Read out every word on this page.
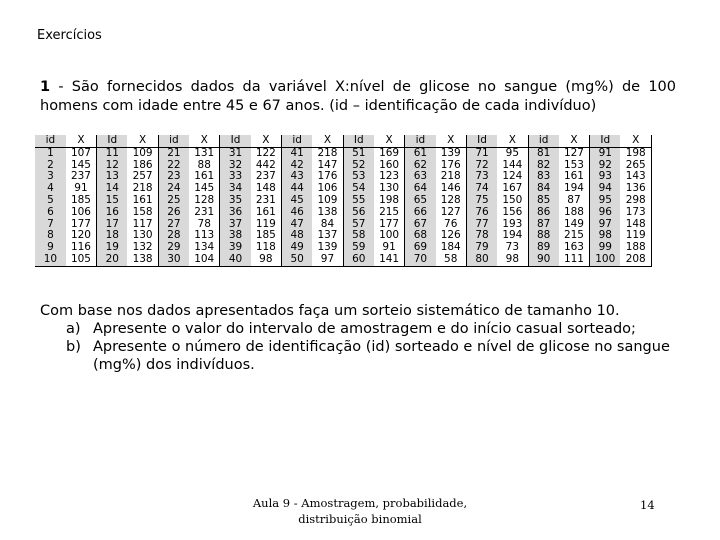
Exercícios
1 - São fornecidos dados da variável X:nível de glicose no sangue (mg%) de 100 homens com idade entre 45 e 67 anos. (id – identificação de cada indivíduo)
id	X	Id	X	id	X	Id	X	id	X	Id	X	id	X	Id	X	id	X	Id	X
1	107	11	109	21	131	31	122	41	218	51	169	61	139	71	95	81	127	91	198
2	145	12	186	22	88	32	442	42	147	52	160	62	176	72	144	82	153	92	265
3	237	13	257	23	161	33	237	43	176	53	123	63	218	73	124	83	161	93	143
4	91	14	218	24	145	34	148	44	106	54	130	64	146	74	167	84	194	94	136
5	185	15	161	25	128	35	231	45	109	55	198	65	128	75	150	85	87	95	298
6	106	16	158	26	231	36	161	46	138	56	215	66	127	76	156	86	188	96	173
7	177	17	117	27	78	37	119	47	84	57	177	67	76	77	193	87	149	97	148
8	120	18	130	28	113	38	185	48	137	58	100	68	126	78	194	88	215	98	119
9	116	19	132	29	134	39	118	49	139	59	91	69	184	79	73	89	163	99	188
10	105	20	138	30	104	40	98	50	97	60	141	70	58	80	98	90	111	100	208
Com base nos dados apresentados faça um sorteio sistemático de tamanho 10.
a) Apresente o valor do intervalo de amostragem e do início casual sorteado;
b) Apresente o número de identificação (id) sorteado e nível de glicose no sangue (mg%) dos indivíduos.
Aula 9 - Amostragem, probabilidade,
distribuição binomial
14
